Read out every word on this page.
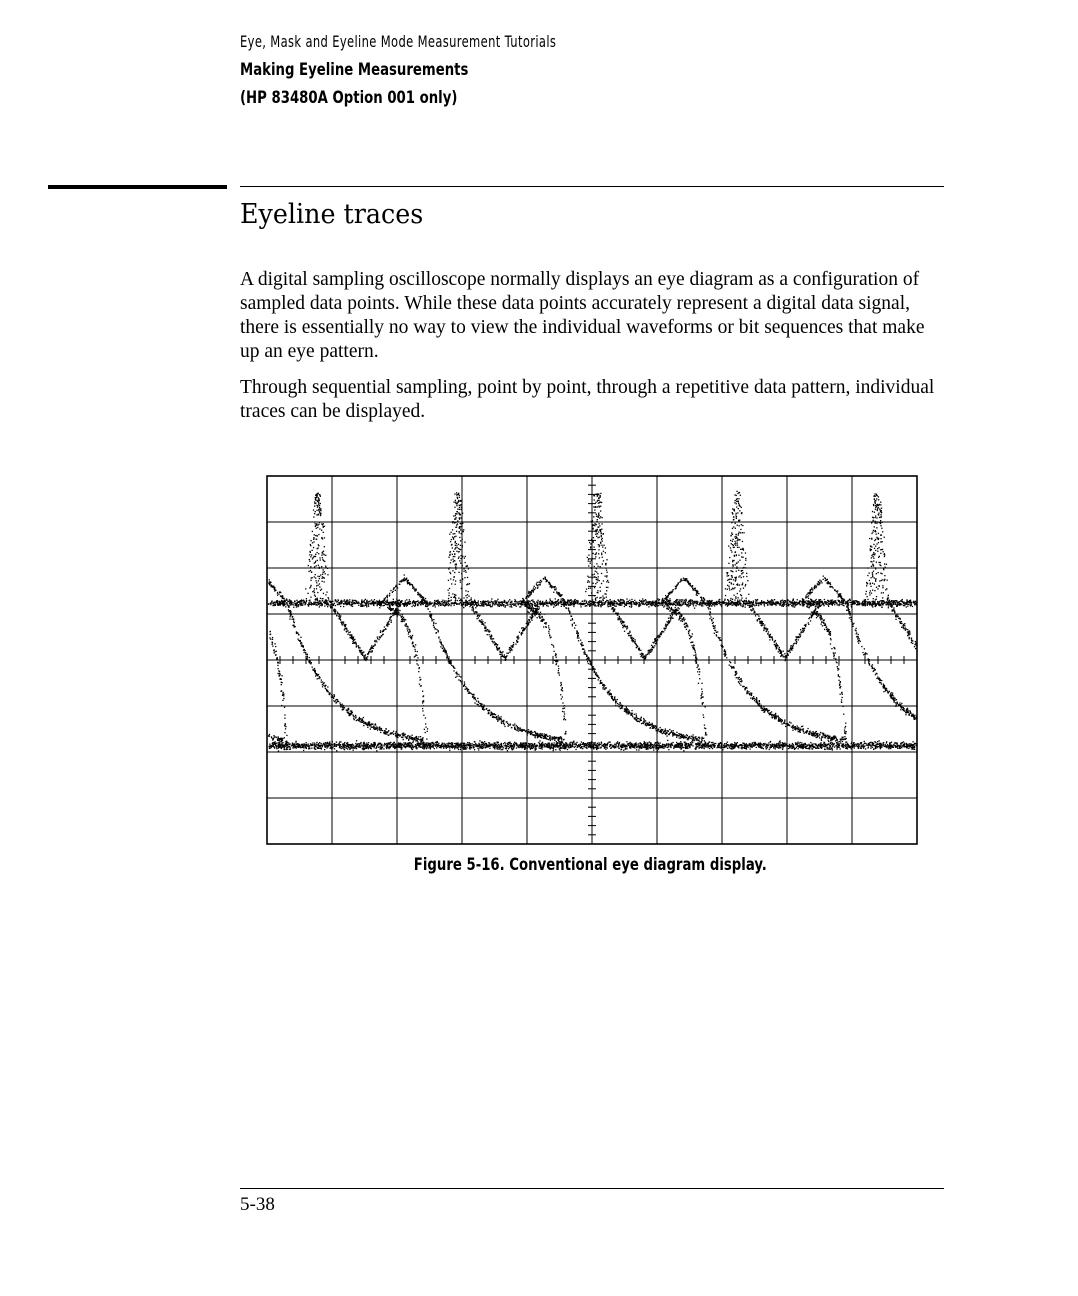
Eye, Mask and Eyeline Mode Measurement Tutorials
Making Eyeline Measurements
(HP 83480A Option 001 only)
Eyeline traces

A digital sampling oscilloscope normally displays an eye diagram as a configuration of sampled data points. While these data points accurately represent a digital data signal, there is essentially no way to view the individual waveforms or bit sequences that make up an eye pattern.

Through sequential sampling, point by point, through a repetitive data pattern, individual traces can be displayed.

Figure 5-16. Conventional eye diagram display.
5-38
